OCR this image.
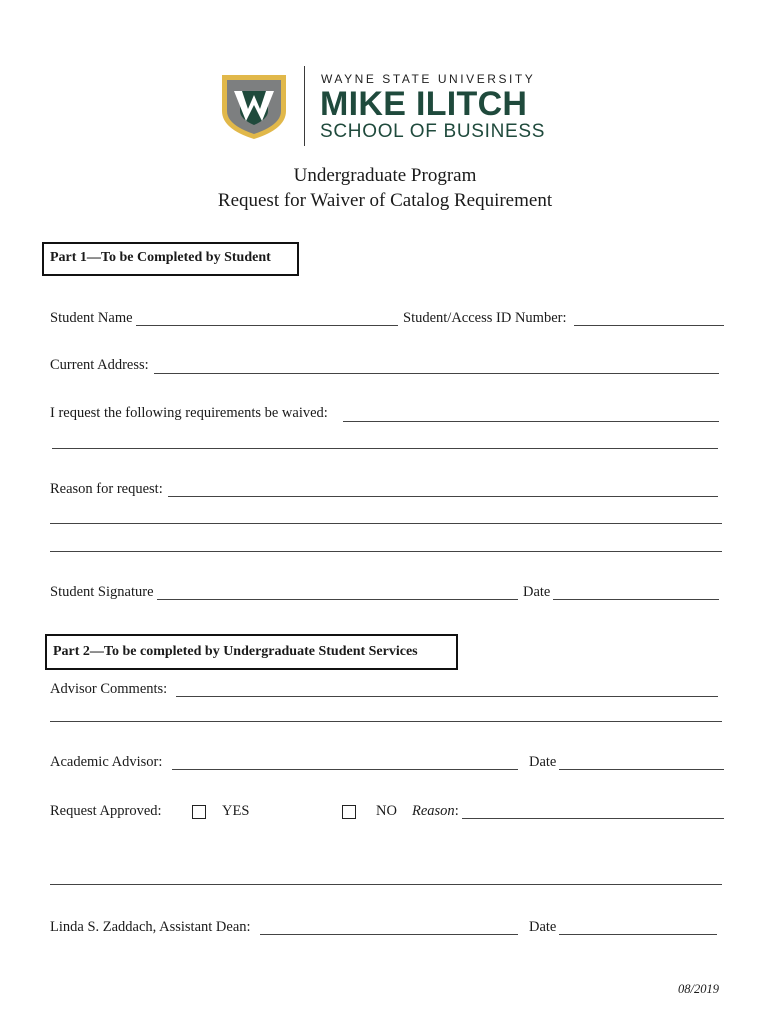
WAYNE STATE UNIVERSITY
MIKE ILITCH
SCHOOL OF BUSINESS
Undergraduate Program
Request for Waiver of Catalog Requirement
Part 1—To be Completed by Student
Student Name	Student/Access ID Number:
Current Address:
I request the following requirements be waived:
Reason for request:
Student Signature	Date
Part 2—To be completed by Undergraduate Student Services
Advisor Comments:
Academic Advisor:	Date
Request Approved:	YES	NO Reason:
Linda S. Zaddach, Assistant Dean:	Date
08/2019
